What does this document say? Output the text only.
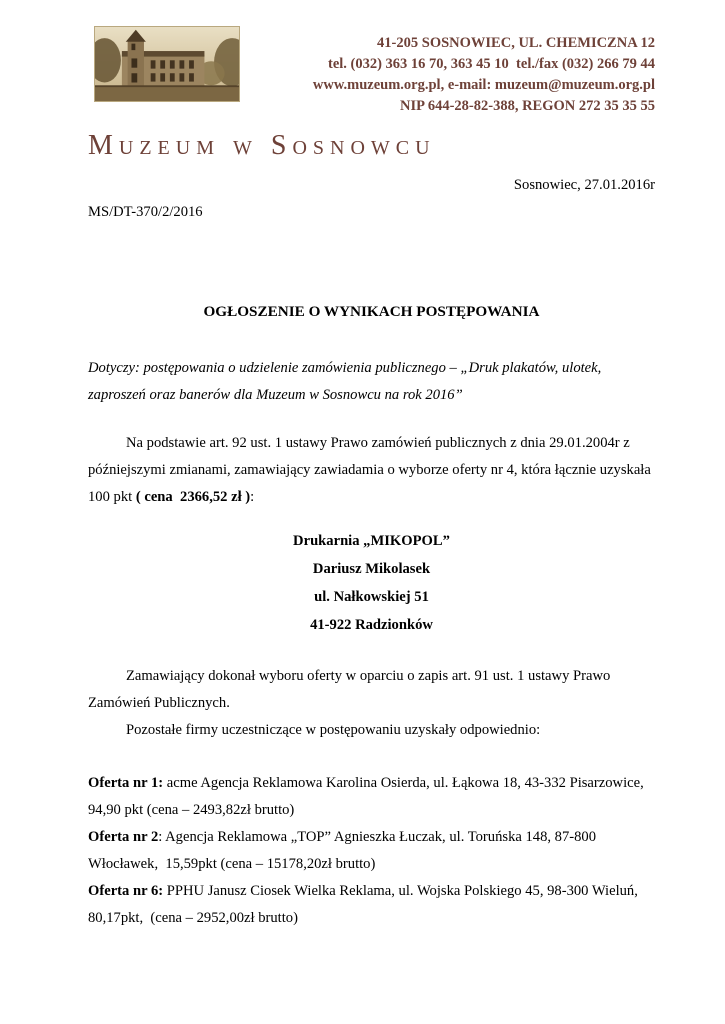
41-205 SOSNOWIEC, UL. CHEMICZNA 12
tel. (032) 363 16 70, 363 45 10  tel./fax (032) 266 79 44
www.muzeum.org.pl, e-mail: muzeum@muzeum.org.pl
NIP 644-28-82-388, REGON 272 35 35 55
Muzeum w Sosnowcu
Sosnowiec, 27.01.2016r
MS/DT-370/2/2016
OGŁOSZENIE O WYNIKACH POSTĘPOWANIA

Dotyczy: postępowania o udzielenie zamówienia publicznego – „Druk plakatów, ulotek, zaproszeń oraz banerów dla Muzeum w Sosnowcu na rok 2016”

Na podstawie art. 92 ust. 1 ustawy Prawo zamówień publicznych z dnia 29.01.2004r z późniejszymi zmianami, zamawiający zawiadamia o wyborze oferty nr 4, która łącznie uzyskała 100 pkt ( cena  2366,52 zł ):

Drukarnia „MIKOPOL”
Dariusz Mikolasek
ul. Nałkowskiej 51
41-922 Radzionków

Zamawiający dokonał wyboru oferty w oparciu o zapis art. 91 ust. 1 ustawy Prawo Zamówień Publicznych.

Pozostałe firmy uczestniczące w postępowaniu uzyskały odpowiednio:

Oferta nr 1: acme Agencja Reklamowa Karolina Osierda, ul. Łąkowa 18, 43-332 Pisarzowice, 94,90 pkt (cena – 2493,82zł brutto)

Oferta nr 2: Agencja Reklamowa „TOP” Agnieszka Łuczak, ul. Toruńska 148, 87-800 Włocławek,  15,59pkt (cena – 15178,20zł brutto)

Oferta nr 6: PPHU Janusz Ciosek Wielka Reklama, ul. Wojska Polskiego 45, 98-300 Wieluń, 80,17pkt,  (cena – 2952,00zł brutto)
